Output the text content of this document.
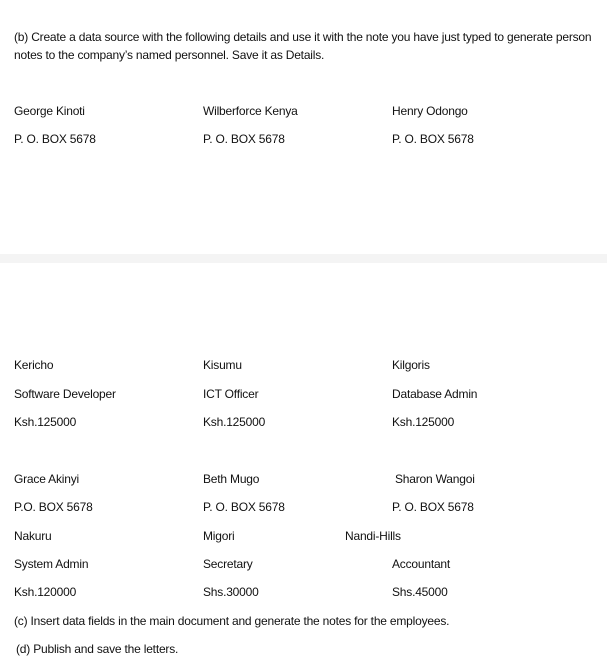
(b) Create a data source with the following details and use it with the note you have just typed to generate person
notes to the company’s named personnel. Save it as Details.
George Kinoti	Wilberforce Kenya	Henry Odongo
P. O. BOX 5678	P. O. BOX 5678	P. O. BOX 5678
Kericho	Kisumu	Kilgoris
Software Developer	ICT Officer	Database Admin
Ksh.125000	Ksh.125000	Ksh.125000
Grace Akinyi	Beth Mugo	Sharon Wangoi
P.O. BOX 5678	P. O. BOX 5678	P. O. BOX 5678
Nakuru	Migori	Nandi-Hills
System Admin	Secretary	Accountant
Ksh.120000	Shs.30000	Shs.45000
(c) Insert data fields in the main document and generate the notes for the employees.
(d) Publish and save the letters.
